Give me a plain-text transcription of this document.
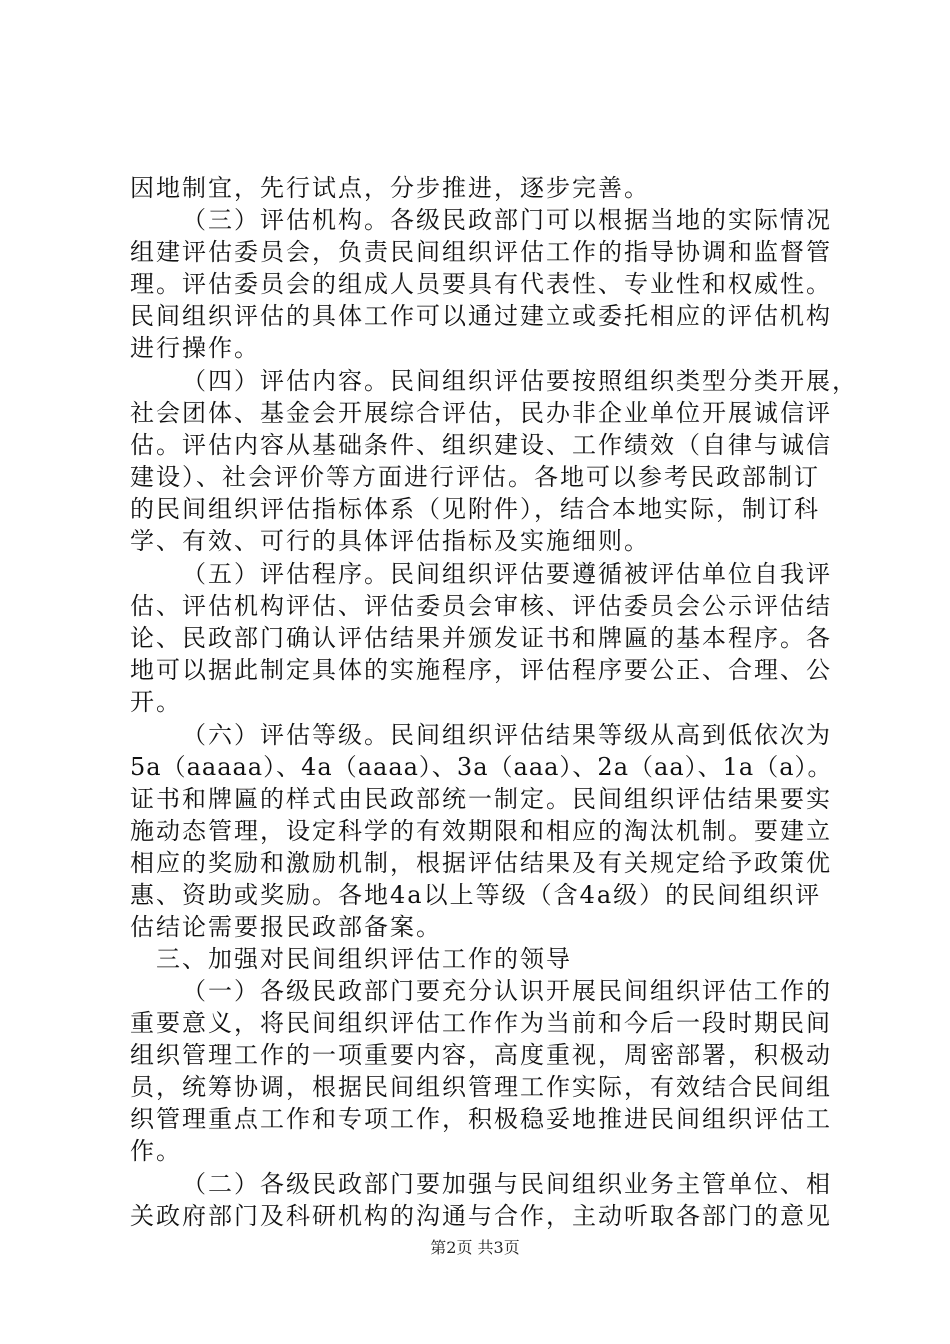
因地制宜，先行试点，分步推进，逐步完善。

（三）评估机构。各级民政部门可以根据当地的实际情况

组建评估委员会，负责民间组织评估工作的指导协调和监督管

理。评估委员会的组成人员要具有代表性、专业性和权威性。

民间组织评估的具体工作可以通过建立或委托相应的评估机构

进行操作。

（四）评估内容。民间组织评估要按照组织类型分类开展，

社会团体、基金会开展综合评估，民办非企业单位开展诚信评

估。评估内容从基础条件、组织建设、工作绩效（自律与诚信

建设）、社会评价等方面进行评估。各地可以参考民政部制订

的民间组织评估指标体系（见附件），结合本地实际，制订科

学、有效、可行的具体评估指标及实施细则。

（五）评估程序。民间组织评估要遵循被评估单位自我评

估、评估机构评估、评估委员会审核、评估委员会公示评估结

论、民政部门确认评估结果并颁发证书和牌匾的基本程序。各

地可以据此制定具体的实施程序，评估程序要公正、合理、公

开。

（六）评估等级。民间组织评估结果等级从高到低依次为

5a（aaaaa）、4a（aaaa）、3a（aaa）、2a（aa）、1a（a）。

证书和牌匾的样式由民政部统一制定。民间组织评估结果要实

施动态管理，设定科学的有效期限和相应的淘汰机制。要建立

相应的奖励和激励机制，根据评估结果及有关规定给予政策优

惠、资助或奖励。各地4a以上等级（含4a级）的民间组织评

估结论需要报民政部备案。

三、加强对民间组织评估工作的领导

（一）各级民政部门要充分认识开展民间组织评估工作的

重要意义，将民间组织评估工作作为当前和今后一段时期民间

组织管理工作的一项重要内容，高度重视，周密部署，积极动

员，统筹协调，根据民间组织管理工作实际，有效结合民间组

织管理重点工作和专项工作，积极稳妥地推进民间组织评估工

作。

（二）各级民政部门要加强与民间组织业务主管单位、相

关政府部门及科研机构的沟通与合作，主动听取各部门的意见

第2页 共3页
